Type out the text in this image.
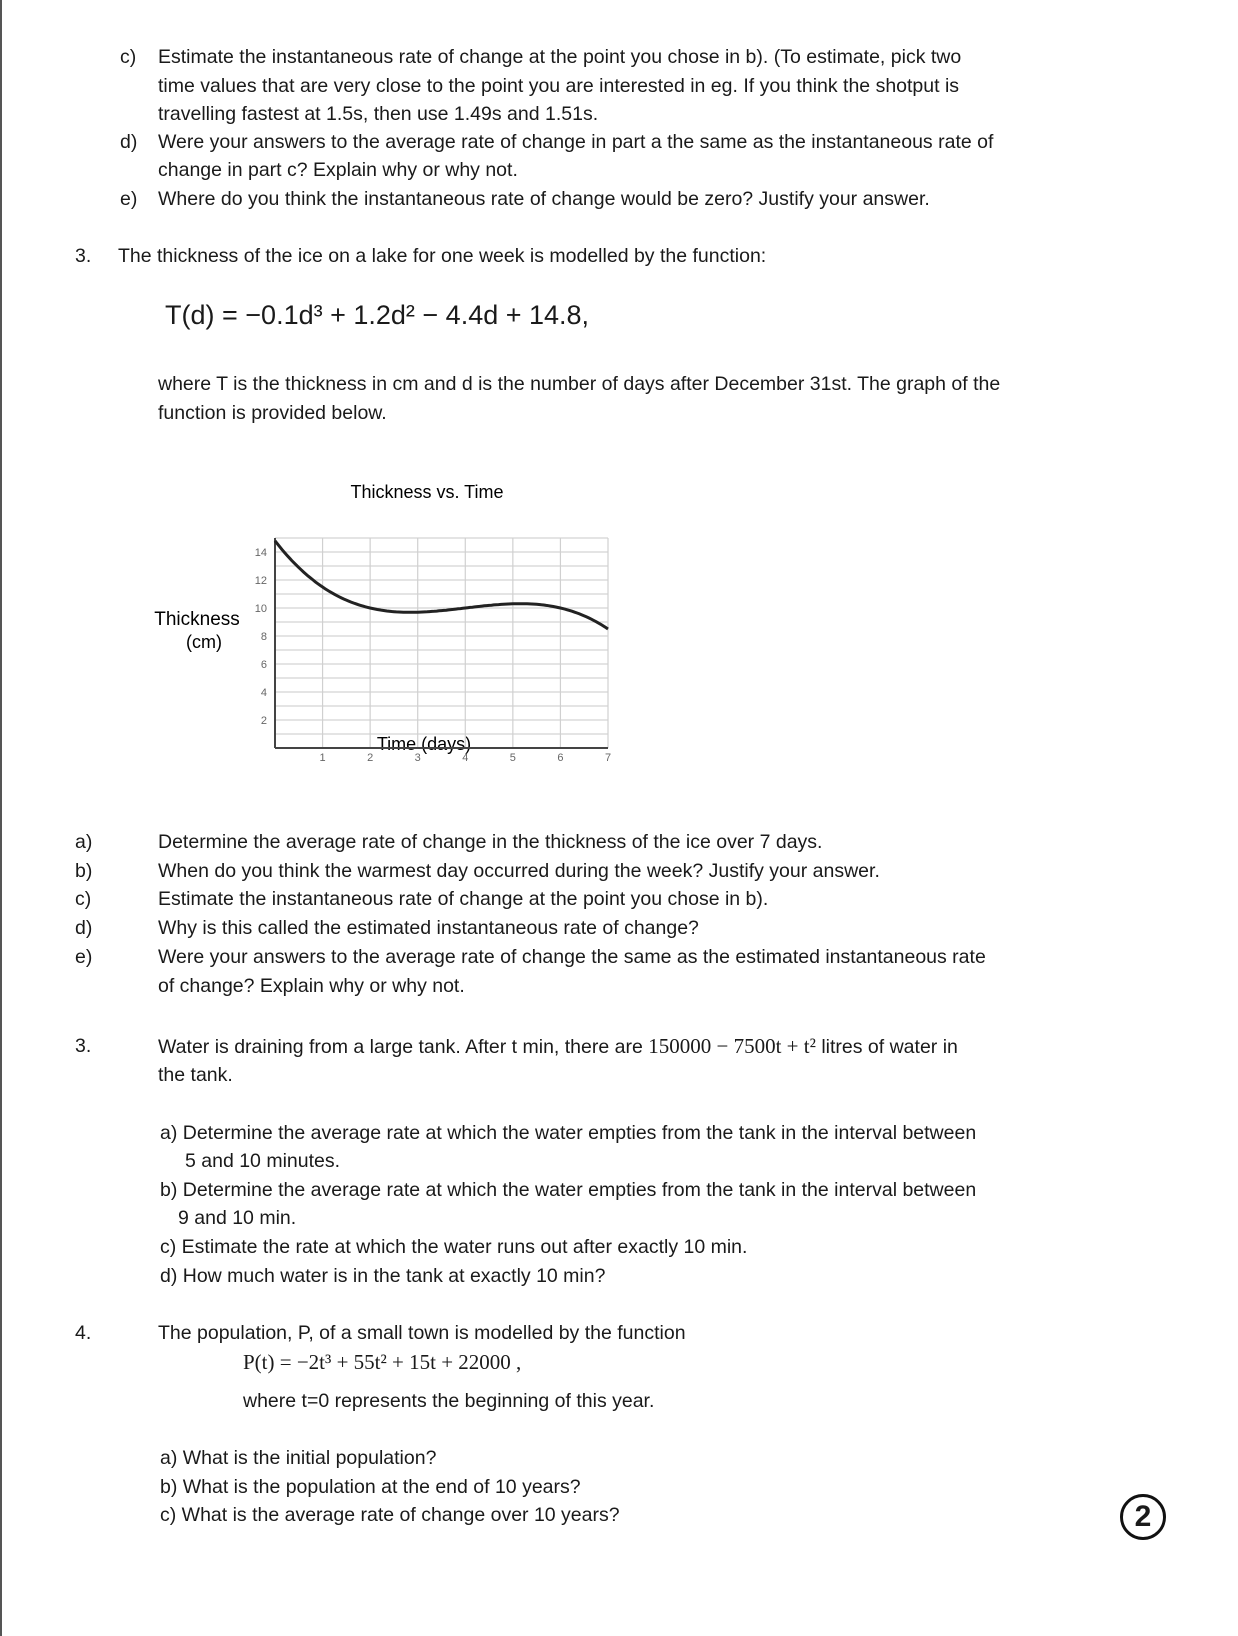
c) Estimate the instantaneous rate of change at the point you chose in b). (To estimate, pick two
time values that are very close to the point you are interested in eg. If you think the shotput is
travelling fastest at 1.5s, then use 1.49s and 1.51s.
d) Were your answers to the average rate of change in part a the same as the instantaneous rate of
change in part c? Explain why or why not.
e) Where do you think the instantaneous rate of change would be zero? Justify your answer.
3. The thickness of the ice on a lake for one week is modelled by the function:
T(d) = −0.1d³ + 1.2d² − 4.4d + 14.8,
where T is the thickness in cm and d is the number of days after December 31st. The graph of the
function is provided below.
Thickness vs. Time
Thickness
(cm)
Time (days)
2
4
6
8
10
12
14
1	2	3	4	5	6	7
a)	Determine the average rate of change in the thickness of the ice over 7 days.
b)	When do you think the warmest day occurred during the week? Justify your answer.
c)	Estimate the instantaneous rate of change at the point you chose in b).
d)	Why is this called the estimated instantaneous rate of change?
e)	Were your answers to the average rate of change the same as the estimated instantaneous rate
of change? Explain why or why not.
3.	Water is draining from a large tank. After t min, there are 150000 − 7500t + t² litres of water in
the tank.
a) Determine the average rate at which the water empties from the tank in the interval between
5 and 10 minutes.
b) Determine the average rate at which the water empties from the tank in the interval between
9 and 10 min.
c) Estimate the rate at which the water runs out after exactly 10 min.
d) How much water is in the tank at exactly 10 min?
4.	The population, P, of a small town is modelled by the function
P(t) = −2t³ + 55t² + 15t + 22000 ,
where t=0 represents the beginning of this year.
a) What is the initial population?
b) What is the population at the end of 10 years?
c) What is the average rate of change over 10 years?	2
